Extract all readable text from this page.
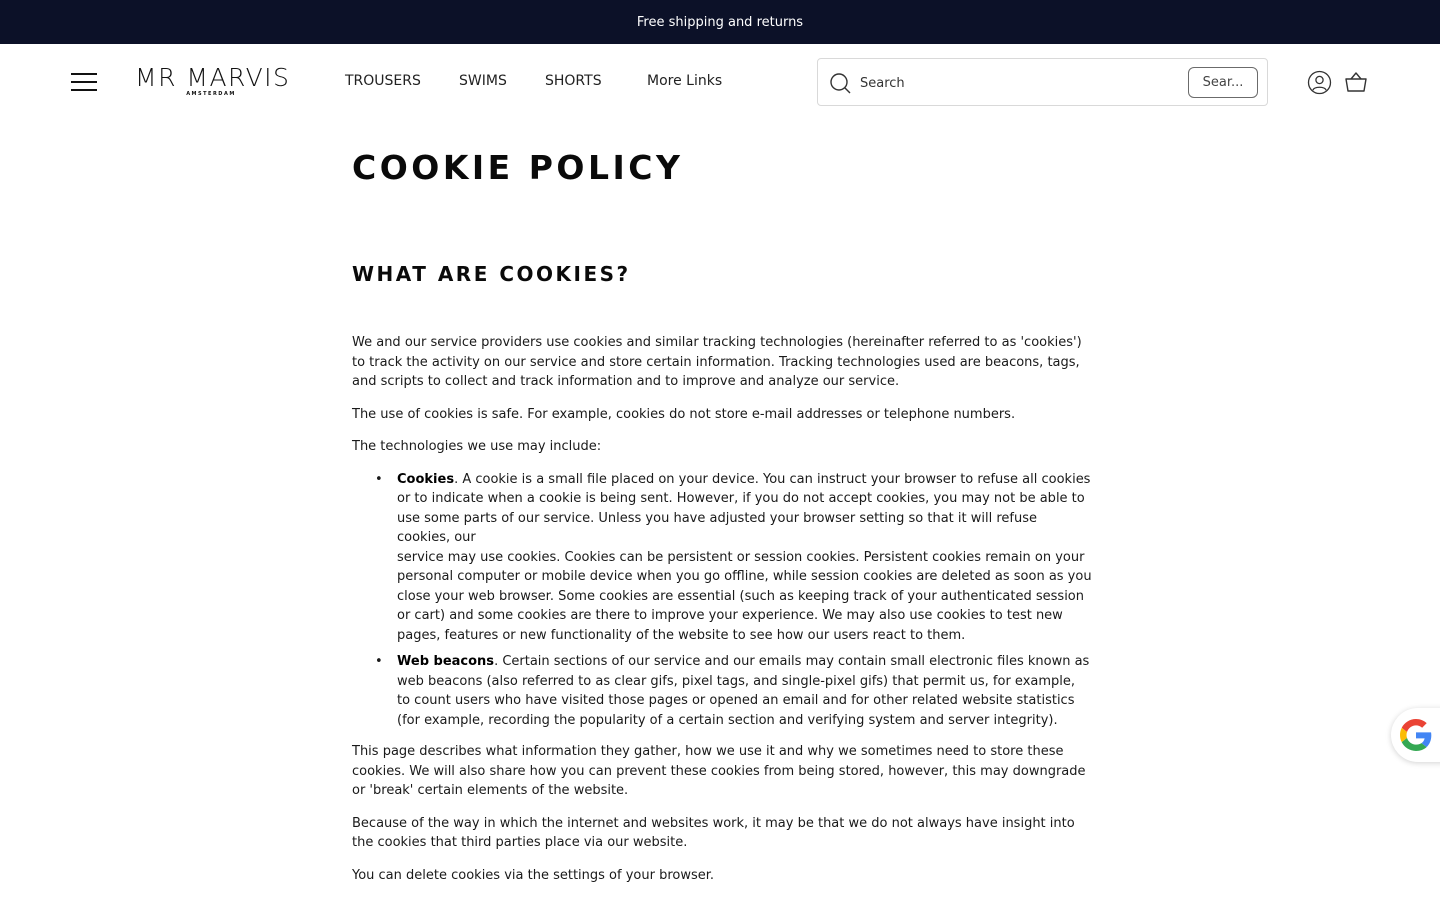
Free shipping and returns
MR MARVIS
AMSTERDAM
TROUSERS	SWIMS	SHORTS	More Links
Search	Sear...
COOKIE POLICY
WHAT ARE COOKIES?

We and our service providers use cookies and similar tracking technologies (hereinafter referred to as 'cookies') to track the activity on our service and store certain information. Tracking technologies used are beacons, tags, and scripts to collect and track information and to improve and analyze our service.

The use of cookies is safe. For example, cookies do not store e-mail addresses or telephone numbers.

The technologies we use may include:

• Cookies. A cookie is a small file placed on your device. You can instruct your browser to refuse all cookies or to indicate when a cookie is being sent. However, if you do not accept cookies, you may not be able to use some parts of our service. Unless you have adjusted your browser setting so that it will refuse cookies, our
service may use cookies. Cookies can be persistent or session cookies. Persistent cookies remain on your personal computer or mobile device when you go offline, while session cookies are deleted as soon as you close your web browser. Some cookies are essential (such as keeping track of your authenticated session or cart) and some cookies are there to improve your experience. We may also use cookies to test new pages, features or new functionality of the website to see how our users react to them.
• Web beacons. Certain sections of our service and our emails may contain small electronic files known as web beacons (also referred to as clear gifs, pixel tags, and single-pixel gifs) that permit us, for example, to count users who have visited those pages or opened an email and for other related website statistics (for example, recording the popularity of a certain section and verifying system and server integrity).

This page describes what information they gather, how we use it and why we sometimes need to store these cookies. We will also share how you can prevent these cookies from being stored, however, this may downgrade or 'break' certain elements of the website.

Because of the way in which the internet and websites work, it may be that we do not always have insight into the cookies that third parties place via our website.

You can delete cookies via the settings of your browser.
